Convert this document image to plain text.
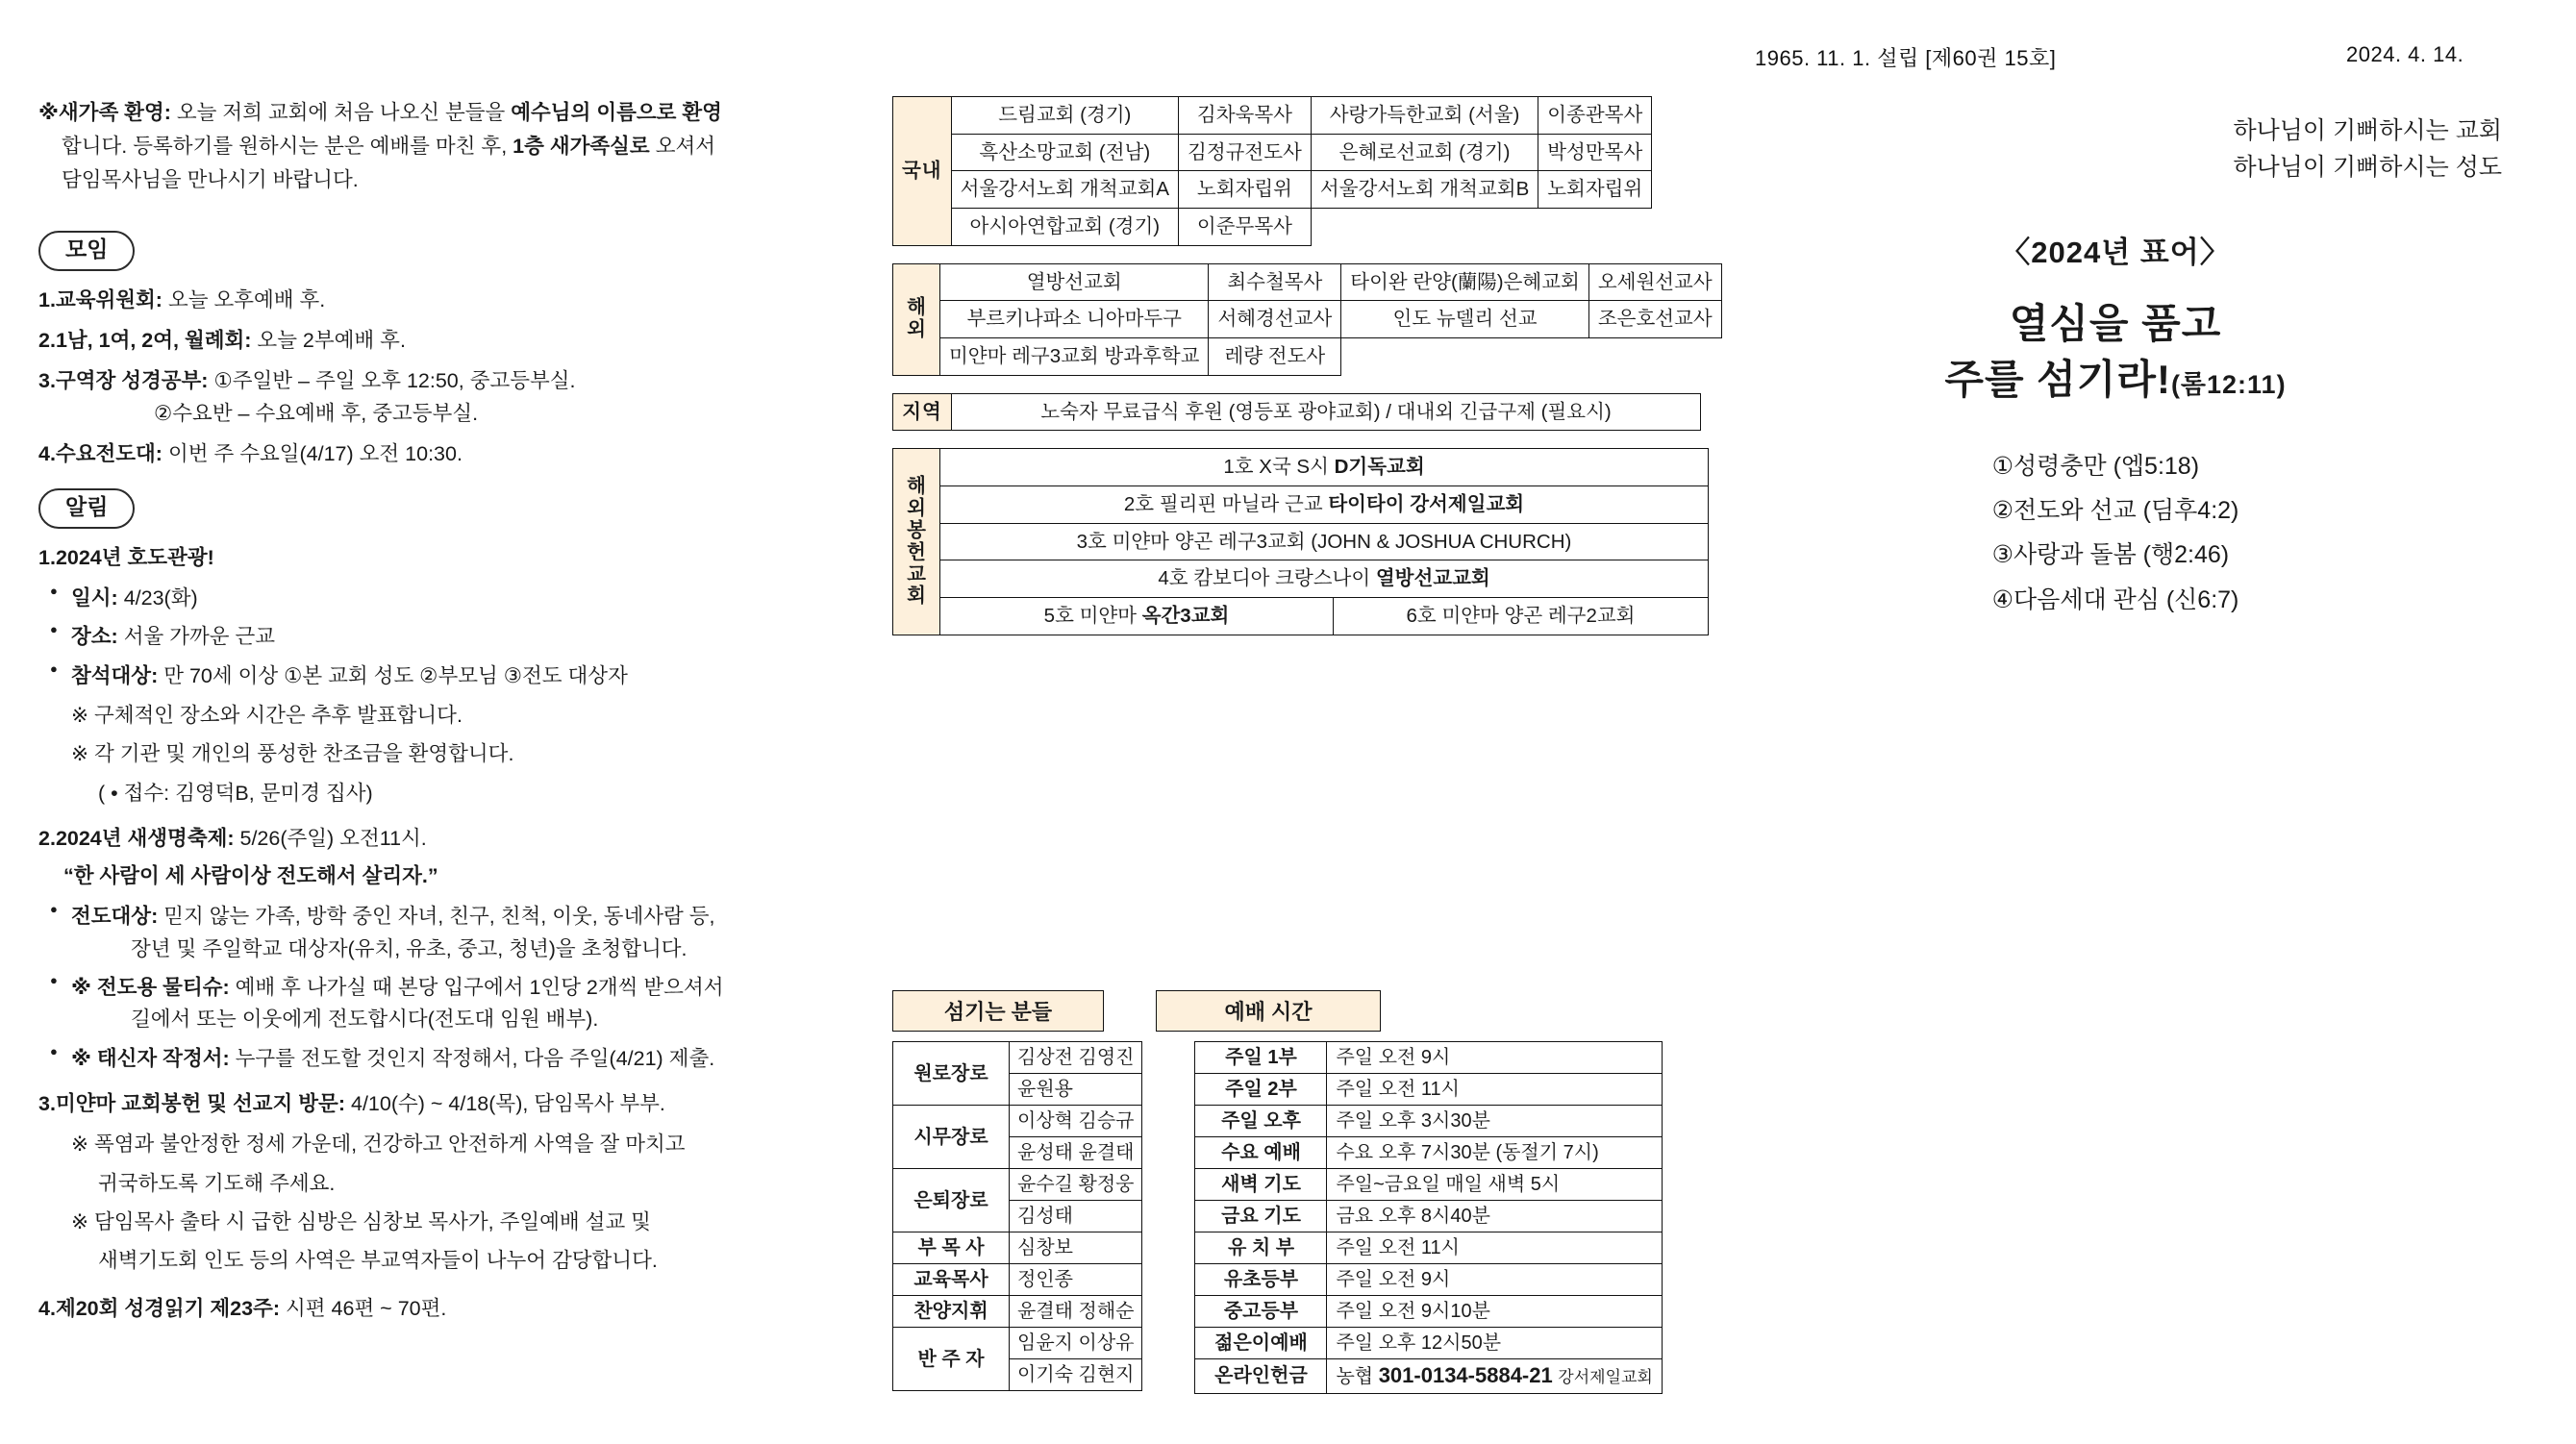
1965. 11. 1. 설립 [제60권 15호]	2024. 4. 14.
※새가족 환영: 오늘 저희 교회에 처음 나오신 분들을 예수님의 이름으로 환영
합니다. 등록하기를 원하시는 분은 예배를 마친 후, 1층 새가족실로 오셔서
담임목사님을 만나시기 바랍니다.
모임
1.교육위원회: 오늘 오후예배 후.
2.1남, 1여, 2여, 월례회: 오늘 2부예배 후.
3.구역장 성경공부: ①주일반 – 주일 오후 12:50, 중고등부실.
②수요반 – 수요예배 후, 중고등부실.
4.수요전도대: 이번 주 수요일(4/17) 오전 10:30.
알림
1.2024년 호도관광!
● 일시: 4/23(화)
● 장소: 서울 가까운 근교
● 참석대상: 만 70세 이상 ①본 교회 성도 ②부모님 ③전도 대상자
※ 구체적인 장소와 시간은 추후 발표합니다.
※ 각 기관 및 개인의 풍성한 찬조금을 환영합니다.
( • 접수: 김영덕B, 문미경 집사)
2.2024년 새생명축제: 5/26(주일) 오전11시.
“한 사람이 세 사람이상 전도해서 살리자.”
● 전도대상: 믿지 않는 가족, 방학 중인 자녀, 친구, 친척, 이웃, 동네사람 등,
장년 및 주일학교 대상자(유치, 유초, 중고, 청년)을 초청합니다.
● ※ 전도용 물티슈: 예배 후 나가실 때 본당 입구에서 1인당 2개씩 받으셔서
길에서 또는 이웃에게 전도합시다(전도대 임원 배부).
● ※ 태신자 작정서: 누구를 전도할 것인지 작정해서, 다음 주일(4/21) 제출.
3.미얀마 교회봉헌 및 선교지 방문: 4/10(수) ~ 4/18(목), 담임목사 부부.
※ 폭염과 불안정한 정세 가운데, 건강하고 안전하게 사역을 잘 마치고
귀국하도록 기도해 주세요.
※ 담임목사 출타 시 급한 심방은 심창보 목사가, 주일예배 설교 및
새벽기도회 인도 등의 사역은 부교역자들이 나누어 감당합니다.
4.제20회 성경읽기 제23주: 시편 46편 ~ 70편.
국내	드림교회 (경기)	김차욱목사	사랑가득한교회 (서울)	이종관목사
	흑산소망교회 (전남)	김정규전도사	은혜로선교회 (경기)	박성만목사
	서울강서노회 개척교회A	노회자립위	서울강서노회 개척교회B	노회자립위
	아시아연합교회 (경기)	이준무목사		
해
외	열방선교회	최수철목사	타이완 란양(蘭陽)은혜교회	오세원선교사
	부르키나파소 니아마두구	서혜경선교사	인도 뉴델리 선교	조은호선교사
	미얀마 레구3교회 방과후학교	레량 전도사		
지역	노숙자 무료급식 후원 (영등포 광야교회) / 대내외 긴급구제 (필요시)
해
외
봉
헌
교
회
	1호 X국 S시 D기독교회
	2호 필리핀 마닐라 근교 타이타이 강서제일교회	
	3호 미얀마 양곤 레구3교회 (JOHN & JOSHUA CHURCH)	
	4호 캄보디아 크랑스나이 열방선교교회	
	5호 미얀마 옥간3교회	6호 미얀마 양곤 레구2교회
하나님이 기뻐하시는 교회
하나님이 기뻐하시는 성도
〈2024년 표어〉
열심을 품고
주를 섬기라!(롬12:11)
①성령충만 (엡5:18)
②전도와 선교 (딤후4:2)
③사랑과 돌봄 (행2:46)
④다음세대 관심 (신6:7)
섬기는 분들	예배 시간
원로장로	김상전 김영진
	윤원용
시무장로	이상혁 김승규
	윤성태 윤결태
은퇴장로	윤수길 황정웅
	김성태
부 목 사	심창보
교육목사	정인종
찬양지휘	윤결태 정해순
반 주 자	임윤지 이상유
	이기숙 김현지
주일 1부	주일 오전 9시
주일 2부	주일 오전 11시
주일 오후	주일 오후 3시30분
수요 예배	수요 오후 7시30분 (동절기 7시)
새벽 기도	주일~금요일 매일 새벽 5시
금요 기도	금요 오후 8시40분
유 치 부	주일 오전 11시
유초등부	주일 오전 9시
중고등부	주일 오전 9시10분
젊은이예배	주일 오후 12시50분
온라인헌금	농협 301-0134-5884-21 강서제일교회
